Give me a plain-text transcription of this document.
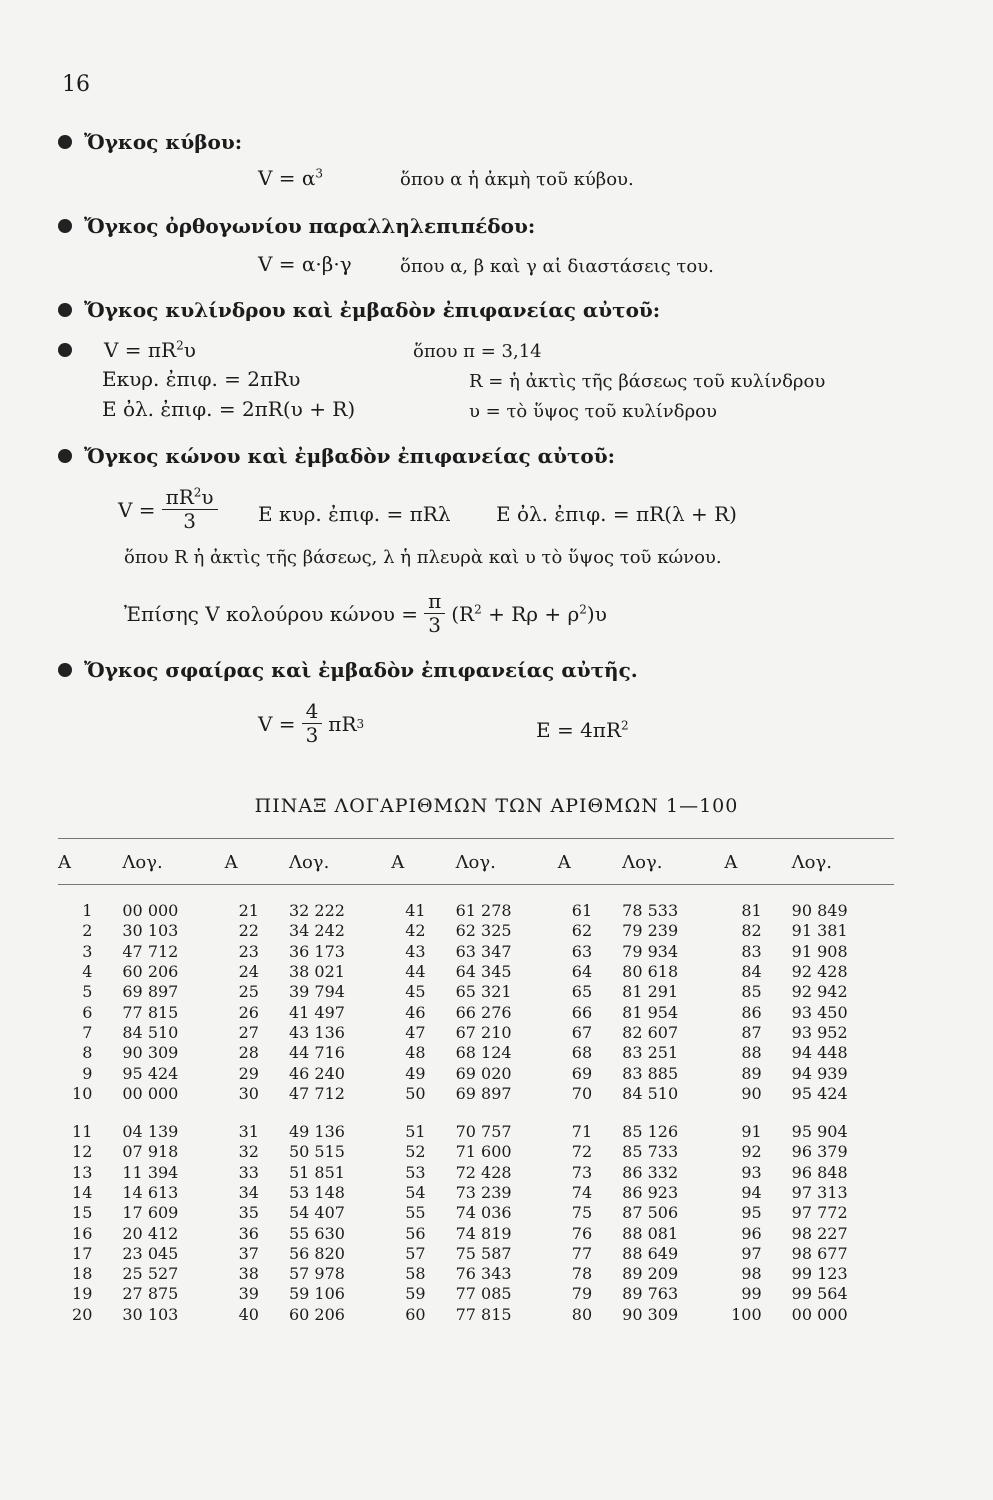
16
Ὄγκος κύβου:
$V = \alpha^3$	ὅπου α ἡ ἀκμὴ τοῦ κύβου.
Ὄγκος ὀρθογωνίου παραλληλεπιπέδου:
V = α·β·γ	ὅπου α, β καὶ γ αἱ διαστάσεις του.
Ὄγκος κυλίνδρου καὶ ἐμβαδὸν ἐπιφανείας αὐτοῦ:
$V = \pi R^2\upsilon$
Εκυρ. ἐπιφ. = 2πRυ
E ὀλ. ἐπιφ. = 2πR(υ + R)
ὅπου π = 3,14
R = ἡ ἀκτὶς τῆς βάσεως τοῦ κυλίνδρου
υ = τὸ ὕψος τοῦ κυλίνδρου
Ὄγκος κώνου καὶ ἐμβαδὸν ἐπιφανείας αὐτοῦ:
$V = \frac{\pi R^2\upsilon}{3}$ E κυρ. ἐπιφ. = πRλ E ὀλ. ἐπιφ. = πR(λ + R)
ὅπου R ἡ ἀκτὶς τῆς βάσεως, λ ἡ πλευρὰ καὶ υ τὸ ὕψος τοῦ κώνου.
Ἐπίσης V κολούρου $\kappa ώ\nu o\upsilon = \frac{\pi}{3} (R^2 + R\rho + \rho^2)\upsilon$
Ὄγκος σφαίρας καὶ ἐμβαδὸν ἐπιφανείας αὐτῆς.
$V = \frac{4}{3}$ πR 3	$E = 4\pi R^2$
ΠΙΝΑΞ ΛΟΓΑΡΙΘΜΩΝ ΤΩΝ ΑΡΙΘΜΩΝ 1—100
A	Λογ.	A	Λογ.	A	Λογ.	A	Λογ.	A	Λογ.
1	00 000	21	32 222	41	61 278	61	78 533	81	90 849
2	30 103	22	34 242	42	62 325	62	79 239	82	91 381
3	47 712	23	36 173	43	63 347	63	79 934	83	91 908
4	60 206	24	38 021	44	64 345	64	80 618	84	92 428
5	69 897	25	39 794	45	65 321	65	81 291	85	92 942
6	77 815	26	41 497	46	66 276	66	81 954	86	93 450
7	84 510	27	43 136	47	67 210	67	82 607	87	93 952
8	90 309	28	44 716	48	68 124	68	83 251	88	94 448
9	95 424	29	46 240	49	69 020	69	83 885	89	94 939
10	00 000	30	47 712	50	69 897	70	84 510	90	95 424

11	04 139	31	49 136	51	70 757	71	85 126	91	95 904
12	07 918	32	50 515	52	71 600	72	85 733	92	96 379
13	11 394	33	51 851	53	72 428	73	86 332	93	96 848
14	14 613	34	53 148	54	73 239	74	86 923	94	97 313
15	17 609	35	54 407	55	74 036	75	87 506	95	97 772
16	20 412	36	55 630	56	74 819	76	88 081	96	98 227
17	23 045	37	56 820	57	75 587	77	88 649	97	98 677
18	25 527	38	57 978	58	76 343	78	89 209	98	99 123
19	27 875	39	59 106	59	77 085	79	89 763	99	99 564
20	30 103	40	60 206	60	77 815	80	90 309	100	00 000
